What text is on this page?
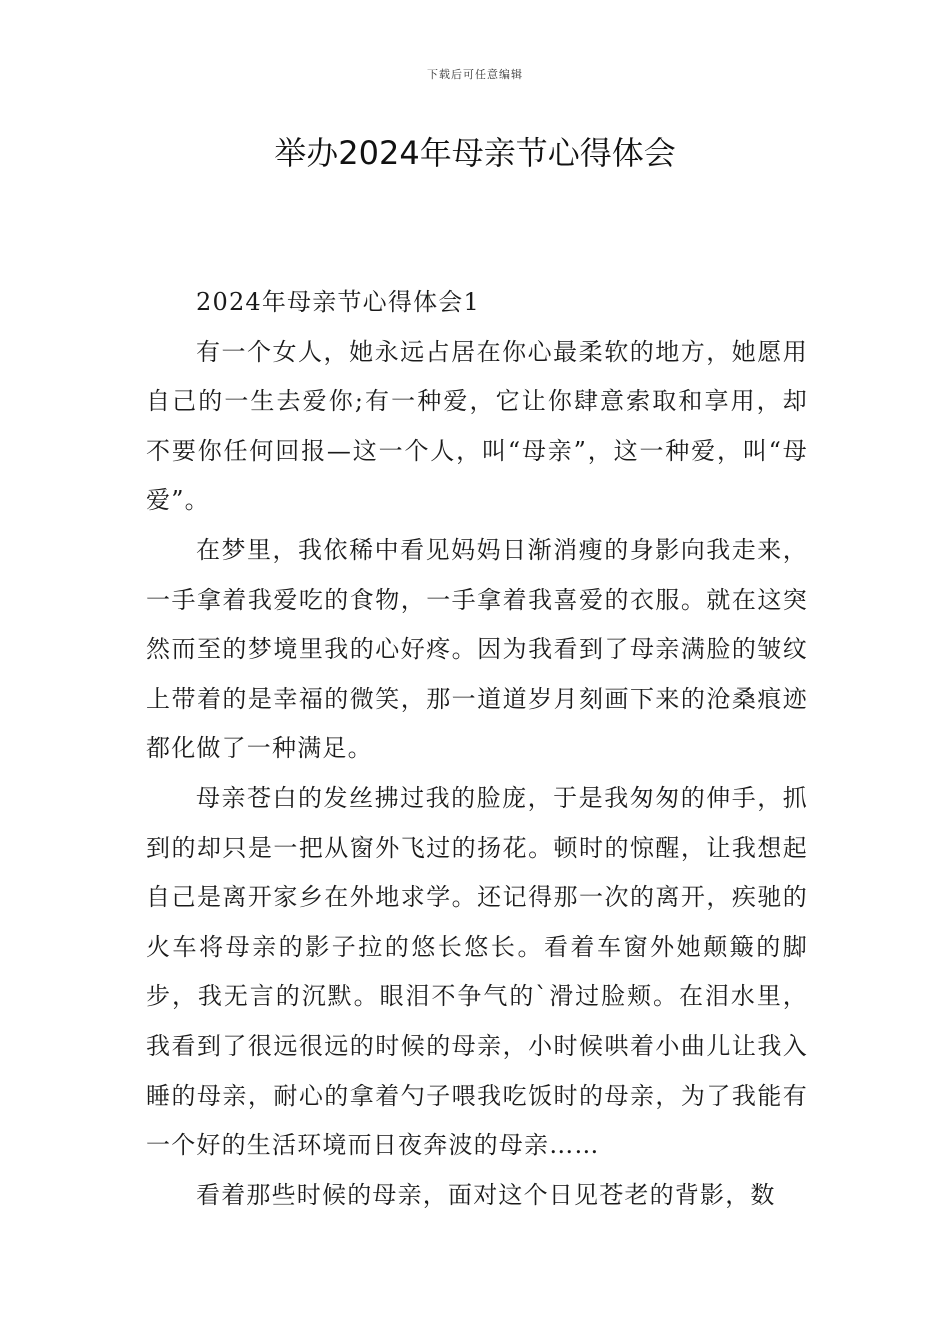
下载后可任意编辑
举办2024年母亲节心得体会

2024年母亲节心得体会1

有一个女人，她永远占居在你心最柔软的地方，她愿用自己的一生去爱你;有一种爱，它让你肆意索取和享用，却不要你任何回报—这一个人，叫“母亲”，这一种爱，叫“母爱”。

在梦里，我依稀中看见妈妈日渐消瘦的身影向我走来，一手拿着我爱吃的食物，一手拿着我喜爱的衣服。就在这突然而至的梦境里我的心好疼。因为我看到了母亲满脸的皱纹上带着的是幸福的微笑，那一道道岁月刻画下来的沧桑痕迹都化做了一种满足。

母亲苍白的发丝拂过我的脸庞，于是我匆匆的伸手，抓到的却只是一把从窗外飞过的扬花。顿时的惊醒，让我想起自己是离开家乡在外地求学。还记得那一次的离开，疾驰的火车将母亲的影子拉的悠长悠长。看着车窗外她颠簸的脚步，我无言的沉默。眼泪不争气的`滑过脸颊。在泪水里，我看到了很远很远的时候的母亲，小时候哄着小曲儿让我入睡的母亲，耐心的拿着勺子喂我吃饭时的母亲，为了我能有一个好的生活环境而日夜奔波的母亲……

看着那些时候的母亲，面对这个日见苍老的背影，数
